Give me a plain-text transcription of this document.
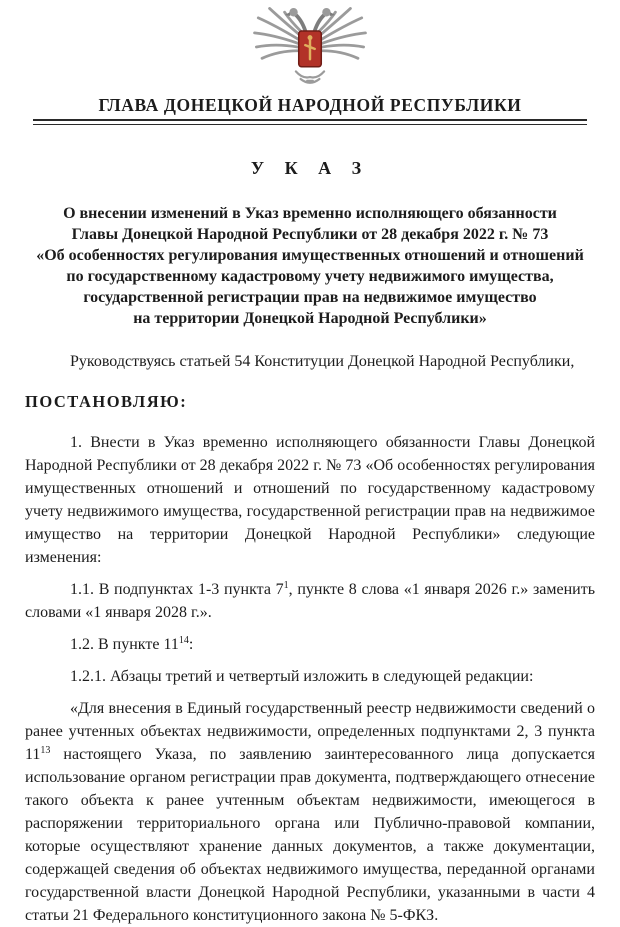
ГЛАВА ДОНЕЦКОЙ НАРОДНОЙ РЕСПУБЛИКИ
У К А З
О внесении изменений в Указ временно исполняющего обязанности
Главы Донецкой Народной Республики от 28 декабря 2022 г. № 73
«Об особенностях регулирования имущественных отношений и отношений
по государственному кадастровому учету недвижимого имущества,
государственной регистрации прав на недвижимое имущество
на территории Донецкой Народной Республики»

Руководствуясь статьей 54 Конституции Донецкой Народной Республики,

ПОСТАНОВЛЯЮ:

1. Внести в Указ временно исполняющего обязанности Главы Донецкой Народной Республики от 28 декабря 2022 г. № 73 «Об особенностях регулирования имущественных отношений и отношений по государственному кадастровому учету недвижимого имущества, государственной регистрации прав на недвижимое имущество на территории Донецкой Народной Республики» следующие изменения:

1.1. В подпунктах 1-3 пункта 7$^1$, пункте 8 слова «1 января 2026 г.» заменить словами «1 января 2028 г.».

1.2. В пункте 11$^{14}$:

1.2.1. Абзацы третий и четвертый изложить в следующей редакции:

«Для внесения в Единый государственный реестр недвижимости сведений о ранее учтенных объектах недвижимости, определенных подпунктами 2, 3 пункта 11$^{13}$ настоящего Указа, по заявлению заинтересованного лица допускается использование органом регистрации прав документа, подтверждающего отнесение такого объекта к ранее учтенным объектам недвижимости, имеющегося в распоряжении территориального органа или Публично-правовой компании, которые осуществляют хранение данных документов, а также документации, содержащей сведения об объектах недвижимого имущества, переданной органами государственной власти Донецкой Народной Республики, указанными в части 4 статьи 21 Федерального конституционного закона № 5-ФКЗ.
